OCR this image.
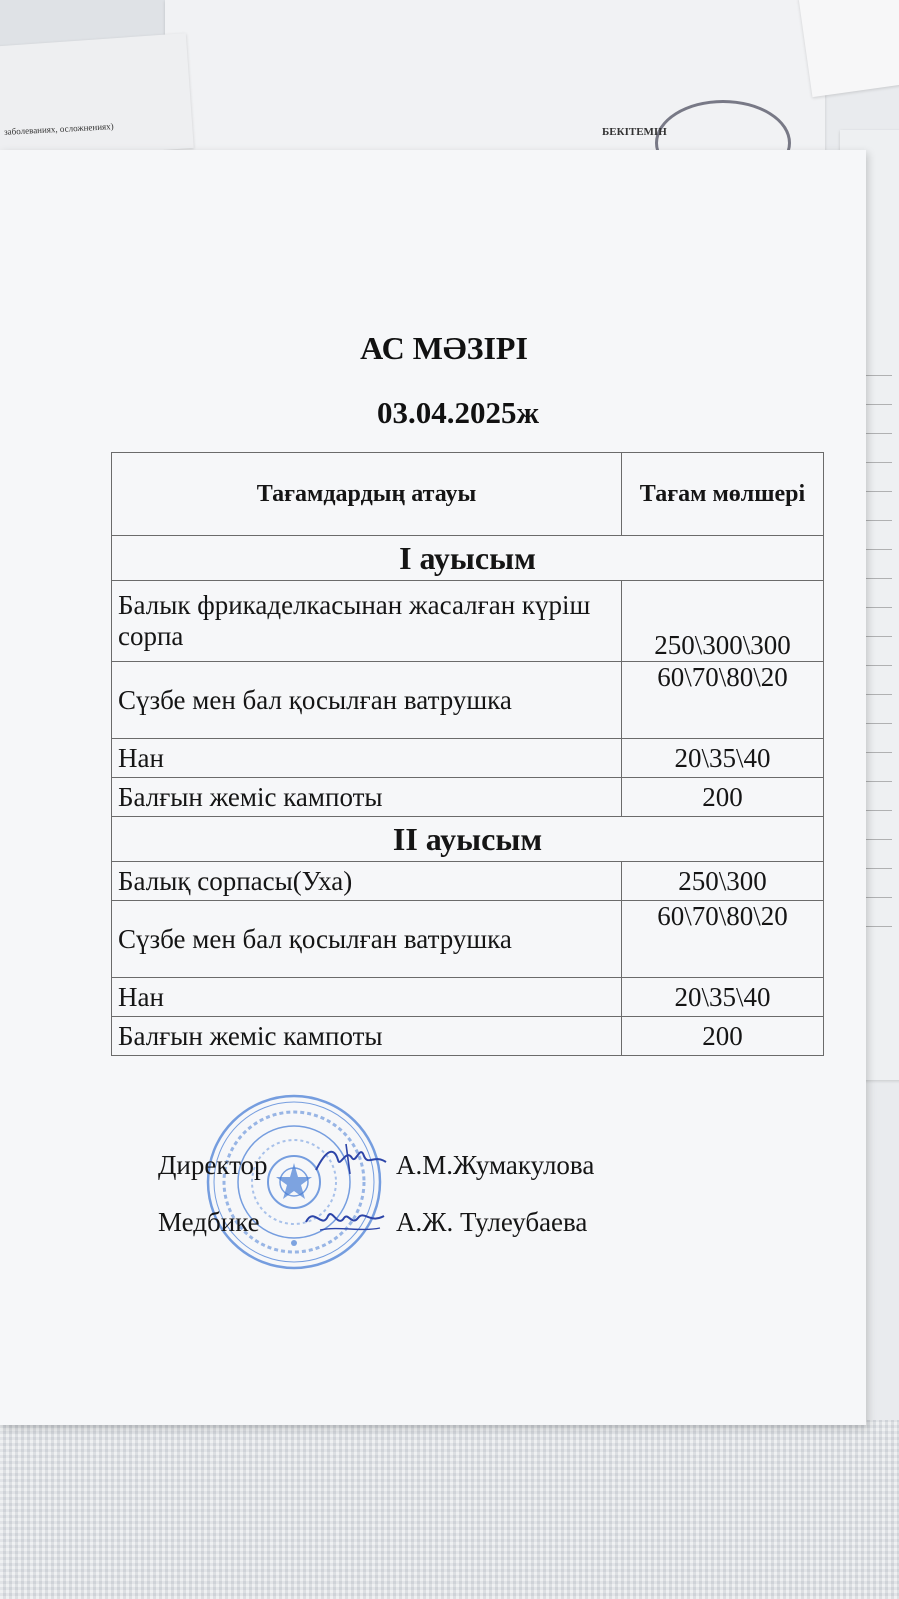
заболеваниях, осложнениях)	БЕКІТЕМІН
АС МӘЗІРІ
03.04.2025ж
Тағамдардың атауы	Тағам мөлшері
I ауысым	
Балык фрикаделкасынан жасалған күріш сорпа	250\300\300
Сүзбе мен бал қосылған ватрушка	60\70\80\20
Нан	20\35\40
Балғын жеміс кампоты	200
II ауысым	
Балық сорпасы(Уха)	250\300
Сүзбе мен бал қосылған ватрушка	60\70\80\20
Нан	20\35\40
Балғын жеміс кампоты	200
Директор	А.М.Жумакулова
Медбике	А.Ж. Тулеубаева
